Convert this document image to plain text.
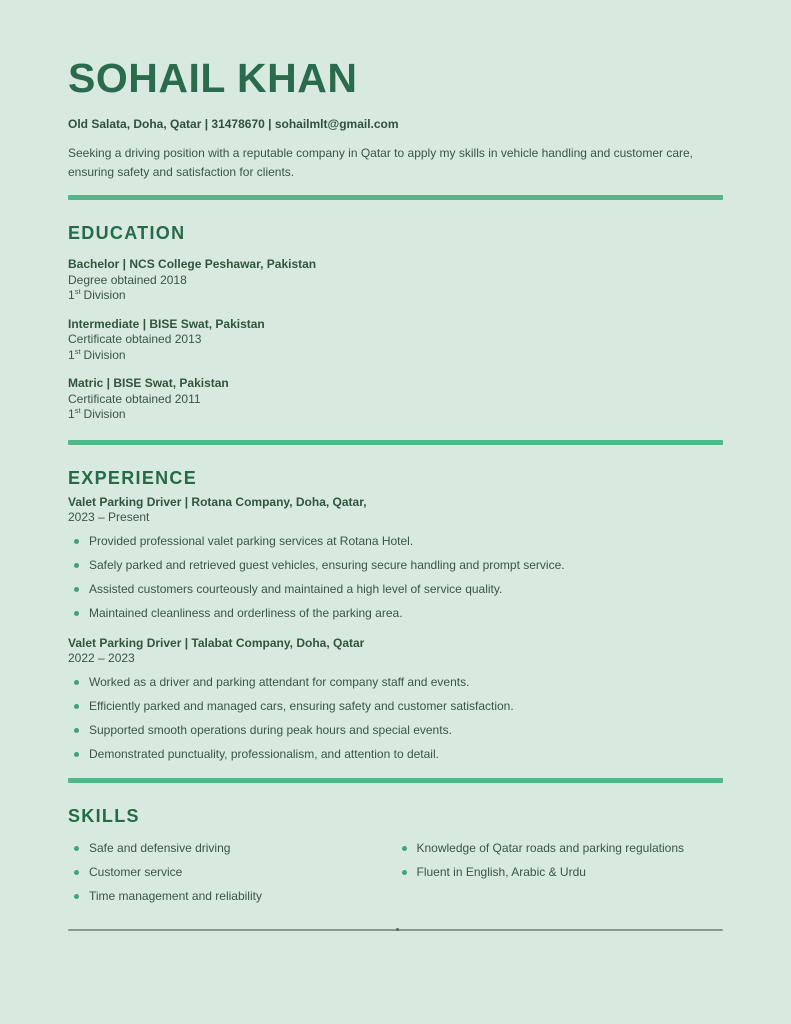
SOHAIL KHAN
Old Salata, Doha, Qatar | 31478670 | sohailmlt@gmail.com

Seeking a driving position with a reputable company in Qatar to apply my skills in vehicle handling and customer care, ensuring safety and satisfaction for clients.

EDUCATION
Bachelor | NCS College Peshawar, Pakistan
Degree obtained 2018
1st Division
Intermediate | BISE Swat, Pakistan
Certificate obtained 2013
1st Division
Matric | BISE Swat, Pakistan
Certificate obtained 2011
1st Division
EXPERIENCE
Valet Parking Driver | Rotana Company, Doha, Qatar,
2023 – Present
Provided professional valet parking services at Rotana Hotel.
Safely parked and retrieved guest vehicles, ensuring secure handling and prompt service.
Assisted customers courteously and maintained a high level of service quality.
Maintained cleanliness and orderliness of the parking area.
Valet Parking Driver | Talabat Company, Doha, Qatar
2022 – 2023
Worked as a driver and parking attendant for company staff and events.
Efficiently parked and managed cars, ensuring safety and customer satisfaction.
Supported smooth operations during peak hours and special events.
Demonstrated punctuality, professionalism, and attention to detail.
SKILLS
Safe and defensive driving
Customer service
Time management and reliability
Knowledge of Qatar roads and parking regulations
Fluent in English, Arabic & Urdu
